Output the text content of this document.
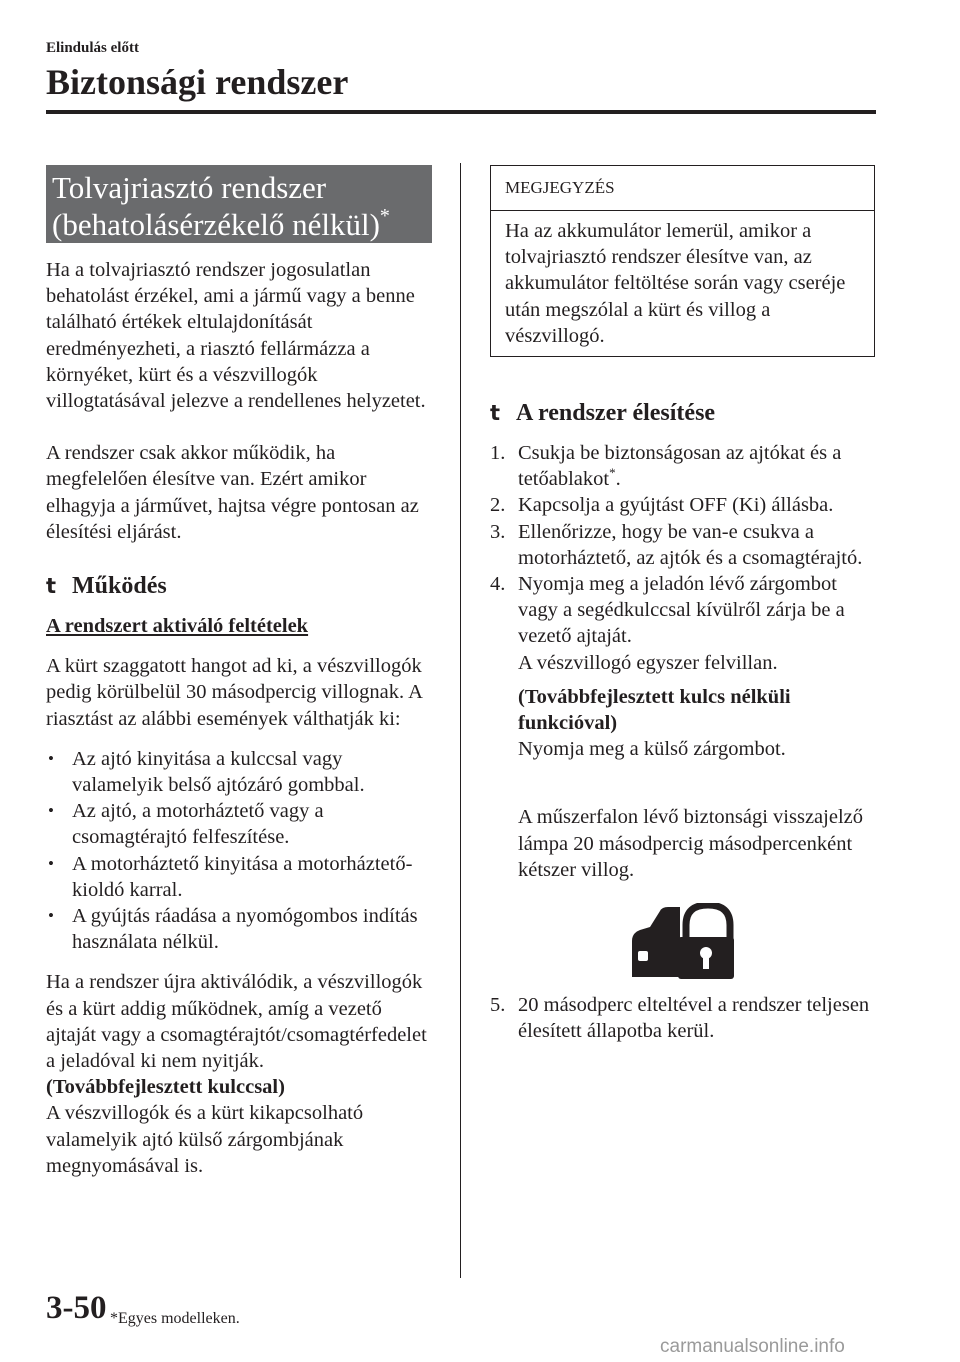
Elindulás előtt
Biztonsági rendszer
Tolvajriasztó rendszer
(behatolásérzékelő nélkül)*

Ha a tolvajriasztó rendszer jogosulatlan behatolást érzékel, ami a jármű vagy a benne található értékek eltulajdonítását eredményezheti, a riasztó fellármázza a környéket, kürt és a vészvillogók villogtatásával jelezve a rendellenes helyzetet.

A rendszer csak akkor működik, ha megfelelően élesítve van. Ezért amikor elhagyja a járművet, hajtsa végre pontosan az élesítési eljárást.

t Működés

A rendszert aktiváló feltételek

A kürt szaggatott hangot ad ki, a vészvillogók pedig körülbelül 30 másodpercig villognak. A riasztást az alábbi események válthatják ki:

• Az ajtó kinyitása a kulccsal vagy valamelyik belső ajtózáró gombbal.
• Az ajtó, a motorháztető vagy a csomagtérajtó felfeszítése.
• A motorháztető kinyitása a motorháztető-kioldó karral.
• A gyújtás ráadása a nyomógombos indítás használata nélkül.

Ha a rendszer újra aktiválódik, a vészvillogók és a kürt addig működnek, amíg a vezető ajtaját vagy a csomagtérajtót/csomagtérfedelet a jeladóval ki nem nyitják.

(Továbbfejlesztett kulccsal)

A vészvillogók és a kürt kikapcsolható valamelyik ajtó külső zárgombjának megnyomásával is.

MEGJEGYZÉS
Ha az akkumulátor lemerül, amikor a tolvajriasztó rendszer élesítve van, az akkumulátor feltöltése során vagy cseréje után megszólal a kürt és villog a vészvillogó.
t A rendszer élesítése
1. Csukja be biztonságosan az ajtókat és a tetőablakot*.
2. Kapcsolja a gyújtást OFF (Ki) állásba.
3. Ellenőrizze, hogy be van-e csukva a motorháztető, az ajtók és a csomagtérajtó.
4. Nyomja meg a jeladón lévő zárgombot vagy a segédkulccsal kívülről zárja be a vezető ajtaját.

A vészvillogó egyszer felvillan.

(Továbbfejlesztett kulcs nélküli funkcióval)

Nyomja meg a külső zárgombot.

A műszerfalon lévő biztonsági visszajelző lámpa 20 másodpercig másodpercenként kétszer villog.

5. 20 másodperc elteltével a rendszer teljesen élesített állapotba kerül.
3-50 *Egyes modelleken.
carmanualsonline.info
